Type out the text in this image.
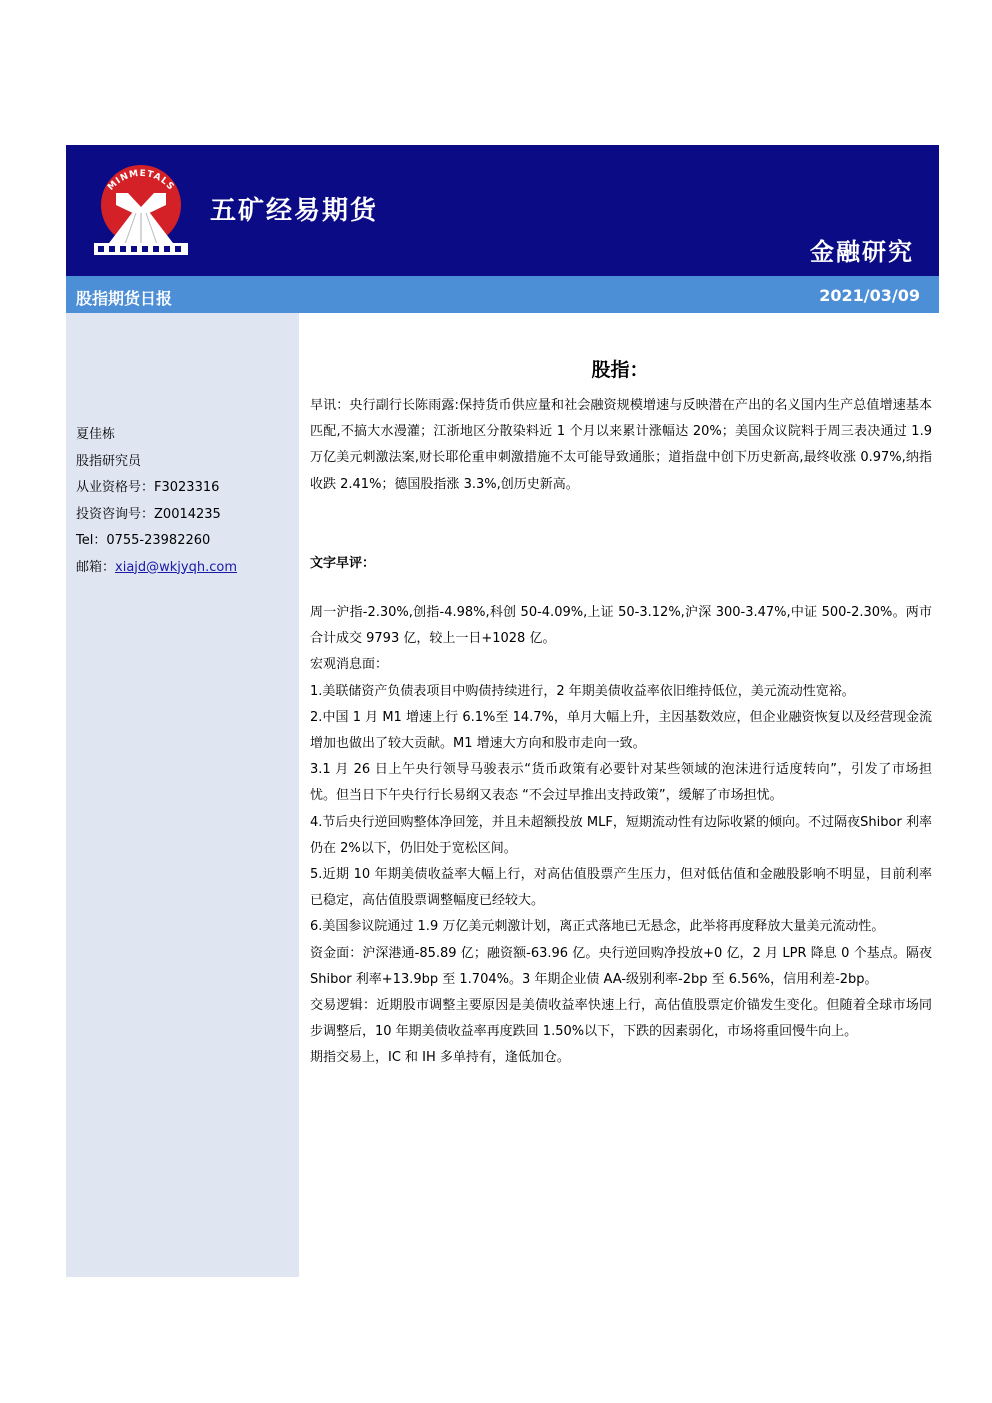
MINMETALS
五矿经易期货
金融研究
股指期货日报	2021/03/09
夏佳栋
股指研究员
从业资格号：F3023316
投资咨询号：Z0014235
Tel：0755-23982260
邮箱：xiajd@wkjyqh.com
股指：
早讯：央行副行长陈雨露:保持货币供应量和社会融资规模增速与反映潜在产出的名义国内生产总值增速基本匹配,不搞大水漫灌；江浙地区分散染料近 1 个月以来累计涨幅达 20%；美国众议院料于周三表决通过 1.9 万亿美元刺激法案,财长耶伦重申刺激措施不太可能导致通胀；道指盘中创下历史新高,最终收涨 0.97%,纳指收跌 2.41%；德国股指涨 3.3%,创历史新高。
文字早评：

周一沪指-2.30%,创指-4.98%,科创 50-4.09%,上证 50-3.12%,沪深 300-3.47%,中证 500-2.30%。两市合计成交 9793 亿，较上一日+1028 亿。

宏观消息面：

1.美联储资产负债表项目中购债持续进行，2 年期美债收益率依旧维持低位，美元流动性宽裕。

2.中国 1 月 M1 增速上行 6.1%至 14.7%，单月大幅上升，主因基数效应，但企业融资恢复以及经营现金流增加也做出了较大贡献。M1 增速大方向和股市走向一致。

3.1 月 26 日上午央行领导马骏表示“货币政策有必要针对某些领域的泡沫进行适度转向”，引发了市场担忧。但当日下午央行行长易纲又表态 “不会过早推出支持政策”，缓解了市场担忧。

4.节后央行逆回购整体净回笼，并且未超额投放 MLF，短期流动性有边际收紧的倾向。不过隔夜Shibor 利率仍在 2%以下，仍旧处于宽松区间。

5.近期 10 年期美债收益率大幅上行，对高估值股票产生压力，但对低估值和金融股影响不明显，目前利率已稳定，高估值股票调整幅度已经较大。

6.美国参议院通过 1.9 万亿美元刺激计划，离正式落地已无悬念，此举将再度释放大量美元流动性。

资金面：沪深港通-85.89 亿；融资额-63.96 亿。央行逆回购净投放+0 亿，2 月 LPR 降息 0 个基点。隔夜 Shibor 利率+13.9bp 至 1.704%。3 年期企业债 AA-级别利率-2bp 至 6.56%，信用利差-2bp。

交易逻辑：近期股市调整主要原因是美债收益率快速上行，高估值股票定价锚发生变化。但随着全球市场同步调整后，10 年期美债收益率再度跌回 1.50%以下，下跌的因素弱化，市场将重回慢牛向上。

期指交易上，IC 和 IH 多单持有，逢低加仓。
